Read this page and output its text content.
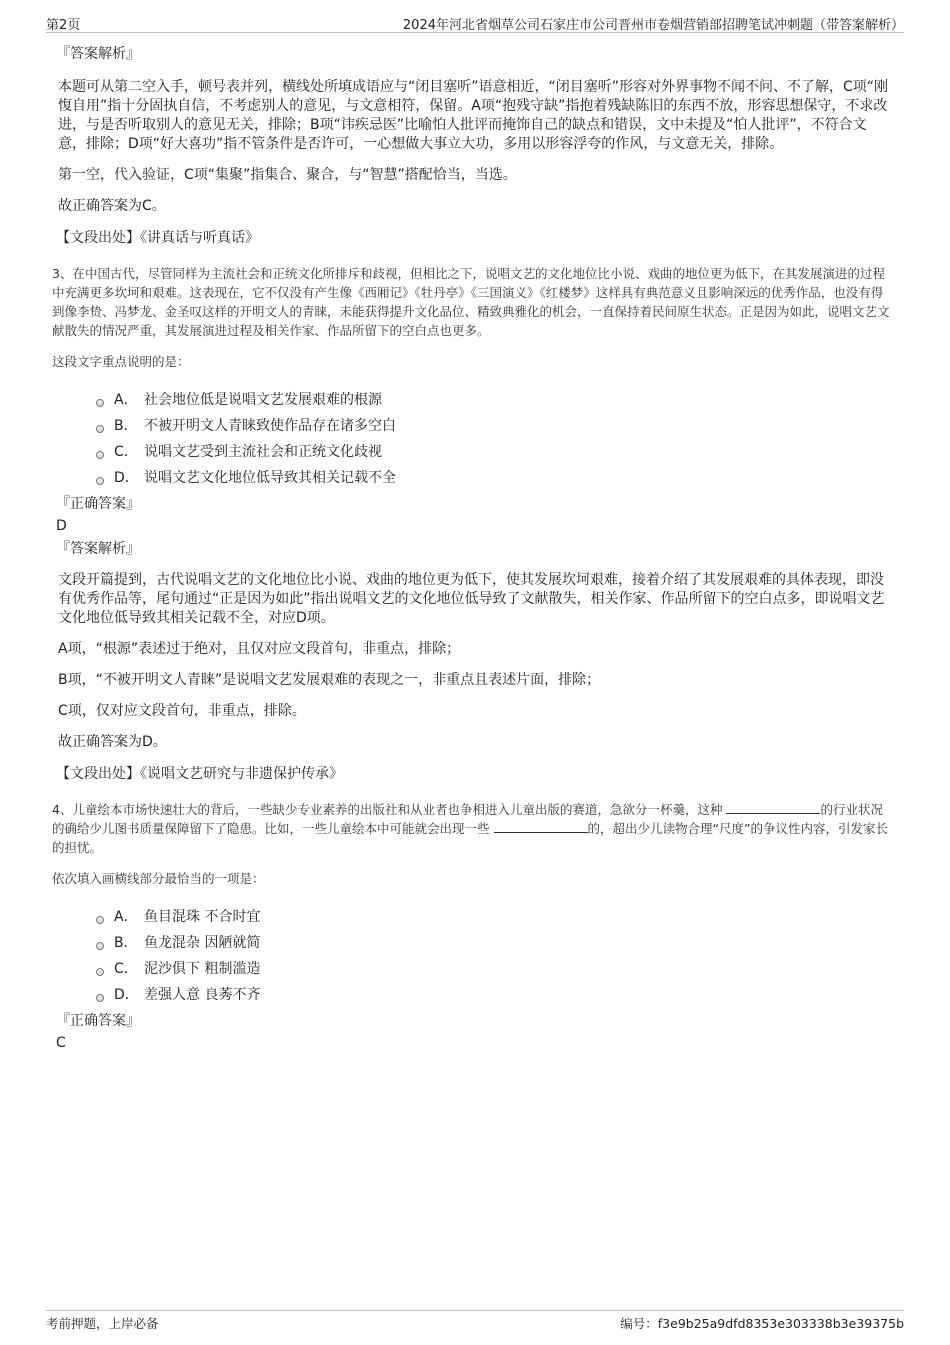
第2页	2024年河北省烟草公司石家庄市公司晋州市卷烟营销部招聘笔试冲刺题（带答案解析）

『答案解析』

本题可从第二空入手，顿号表并列，横线处所填成语应与“闭目塞听”语意相近，“闭目塞听”形容对外界事物不闻不问、不了解，C项“刚愎自用”指十分固执自信，不考虑别人的意见，与文意相符，保留。A项“抱残守缺”指抱着残缺陈旧的东西不放，形容思想保守，不求改进，与是否听取别人的意见无关，排除；B项“讳疾忌医”比喻怕人批评而掩饰自己的缺点和错误，文中未提及“怕人批评”，不符合文意，排除；D项“好大喜功”指不管条件是否许可，一心想做大事立大功，多用以形容浮夸的作风，与文意无关，排除。

第一空，代入验证，C项“集聚”指集合、聚合，与“智慧”搭配恰当，当选。

故正确答案为C。

【文段出处】《讲真话与听真话》

3、在中国古代，尽管同样为主流社会和正统文化所排斥和歧视，但相比之下，说唱文艺的文化地位比小说、戏曲的地位更为低下，在其发展演进的过程中充满更多坎坷和艰难。这表现在，它不仅没有产生像《西厢记》《牡丹亭》《三国演义》《红楼梦》这样具有典范意义且影响深远的优秀作品，也没有得到像李贽、冯梦龙、金圣叹这样的开明文人的青睐，未能获得提升文化品位、精致典雅化的机会，一直保持着民间原生状态。正是因为如此，说唱文艺文献散失的情况严重，其发展演进过程及相关作家、作品所留下的空白点也更多。

这段文字重点说明的是：

A． 社会地位低是说唱文艺发展艰难的根源
B． 不被开明文人青睐致使作品存在诸多空白
C． 说唱文艺受到主流社会和正统文化歧视
D． 说唱文艺文化地位低导致其相关记载不全

『正确答案』

D

『答案解析』

文段开篇提到，古代说唱文艺的文化地位比小说、戏曲的地位更为低下，使其发展坎坷艰难，接着介绍了其发展艰难的具体表现，即没有优秀作品等，尾句通过“正是因为如此”指出说唱文艺的文化地位低导致了文献散失，相关作家、作品所留下的空白点多，即说唱文艺文化地位低导致其相关记载不全，对应D项。

A项，“根源”表述过于绝对，且仅对应文段首句，非重点，排除；

B项，“不被开明文人青睐”是说唱文艺发展艰难的表现之一，非重点且表述片面，排除；

C项，仅对应文段首句，非重点，排除。

故正确答案为D。

【文段出处】《说唱文艺研究与非遗保护传承》

4、儿童绘本市场快速壮大的背后，一些缺少专业素养的出版社和从业者也争相进入儿童出版的赛道，急欲分一杯羹，这种	的行业状况的确给少儿图书质量保障留下了隐患。比如，一些儿童绘本中可能就会出现一些	的，超出少儿读物合理“尺度”的争议性内容，引发家长的担忧。

依次填入画横线部分最恰当的一项是：

A． 鱼目混珠 不合时宜
B． 鱼龙混杂 因陋就简
C． 泥沙俱下 粗制滥造
D． 差强人意 良莠不齐

『正确答案』

C

考前押题，上岸必备	编号：f3e9b25a9dfd8353e303338b3e39375b
